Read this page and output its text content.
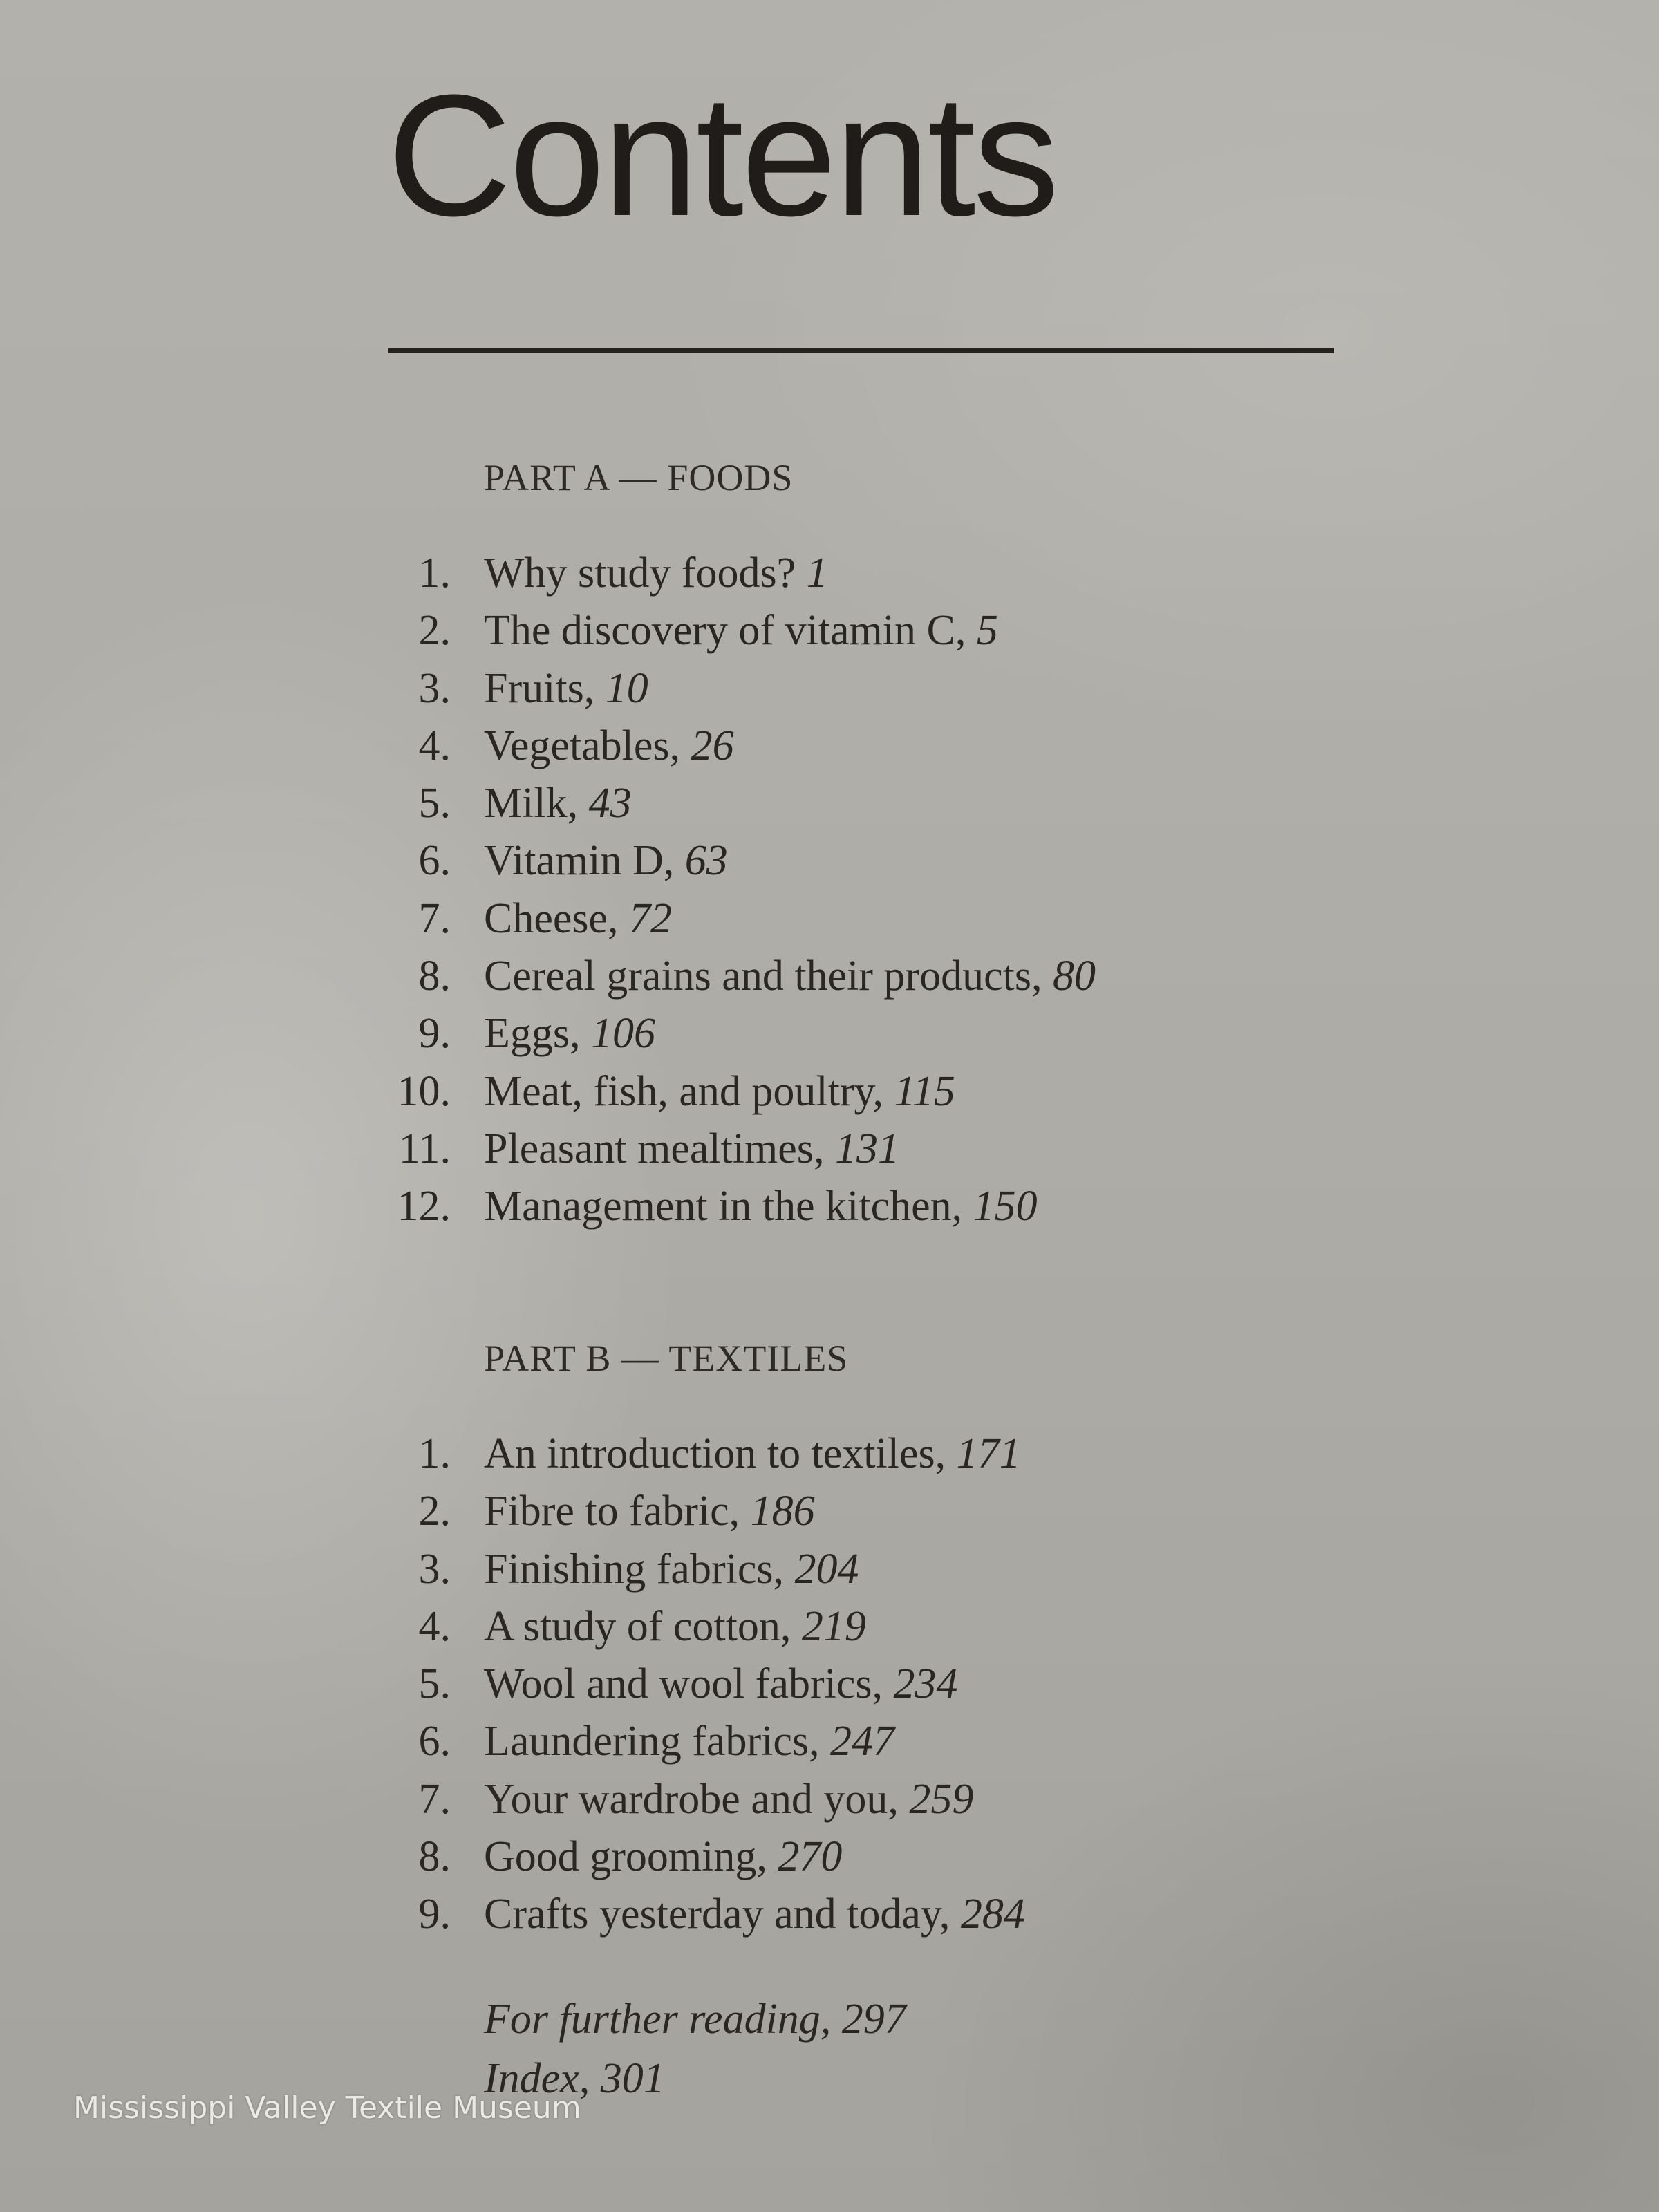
Contents
PART A — FOODS
1. Why study foods? 1
2. The discovery of vitamin C, 5
3. Fruits, 10
4. Vegetables, 26
5. Milk, 43
6. Vitamin D, 63
7. Cheese, 72
8. Cereal grains and their products, 80
9. Eggs, 106
10. Meat, fish, and poultry, 115
11. Pleasant mealtimes, 131
12. Management in the kitchen, 150
PART B — TEXTILES
1. An introduction to textiles, 171
2. Fibre to fabric, 186
3. Finishing fabrics, 204
4. A study of cotton, 219
5. Wool and wool fabrics, 234
6. Laundering fabrics, 247
7. Your wardrobe and you, 259
8. Good grooming, 270
9. Crafts yesterday and today, 284
For further reading, 297
Index, 301
Mississippi Valley Textile Museum
